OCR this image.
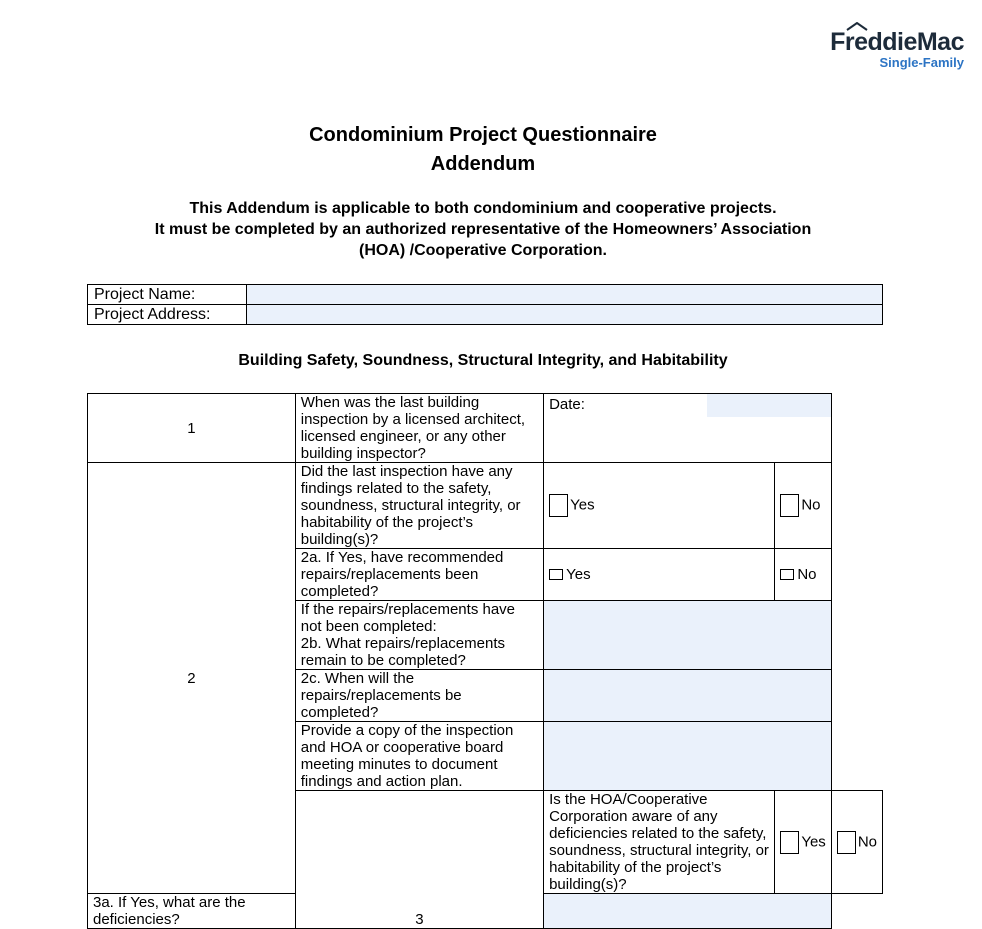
FreddieMac
Single-Family
Condominium Project Questionnaire
Addendum
This Addendum is applicable to both condominium and cooperative projects.
It must be completed by an authorized representative of the Homeowners’ Association
(HOA) /Cooperative Corporation.
Project Name:	
Project Address:	
Building Safety, Soundness, Structural Integrity, and Habitability
1	When was the last building inspection by a licensed architect, licensed engineer, or any other building inspector?	Date:		

2	Did the last inspection have any findings related to the safety, soundness, structural integrity, or habitability of the project’s building(s)?	Yes	No	
	2a. If Yes, have recommended repairs/replacements been completed?	Yes	No	

	If the repairs/replacements have not been completed:
2b. What repairs/replacements remain to be completed?			

	2c. When will the repairs/replacements be completed?			
	Provide a copy of the inspection and HOA or cooperative board meeting minutes to document findings and action plan.			
	3	Is the HOA/Cooperative Corporation aware of any deficiencies related to the safety, soundness, structural integrity, or habitability of the project’s building(s)?	Yes	No
3a. If Yes, what are the deficiencies?				
